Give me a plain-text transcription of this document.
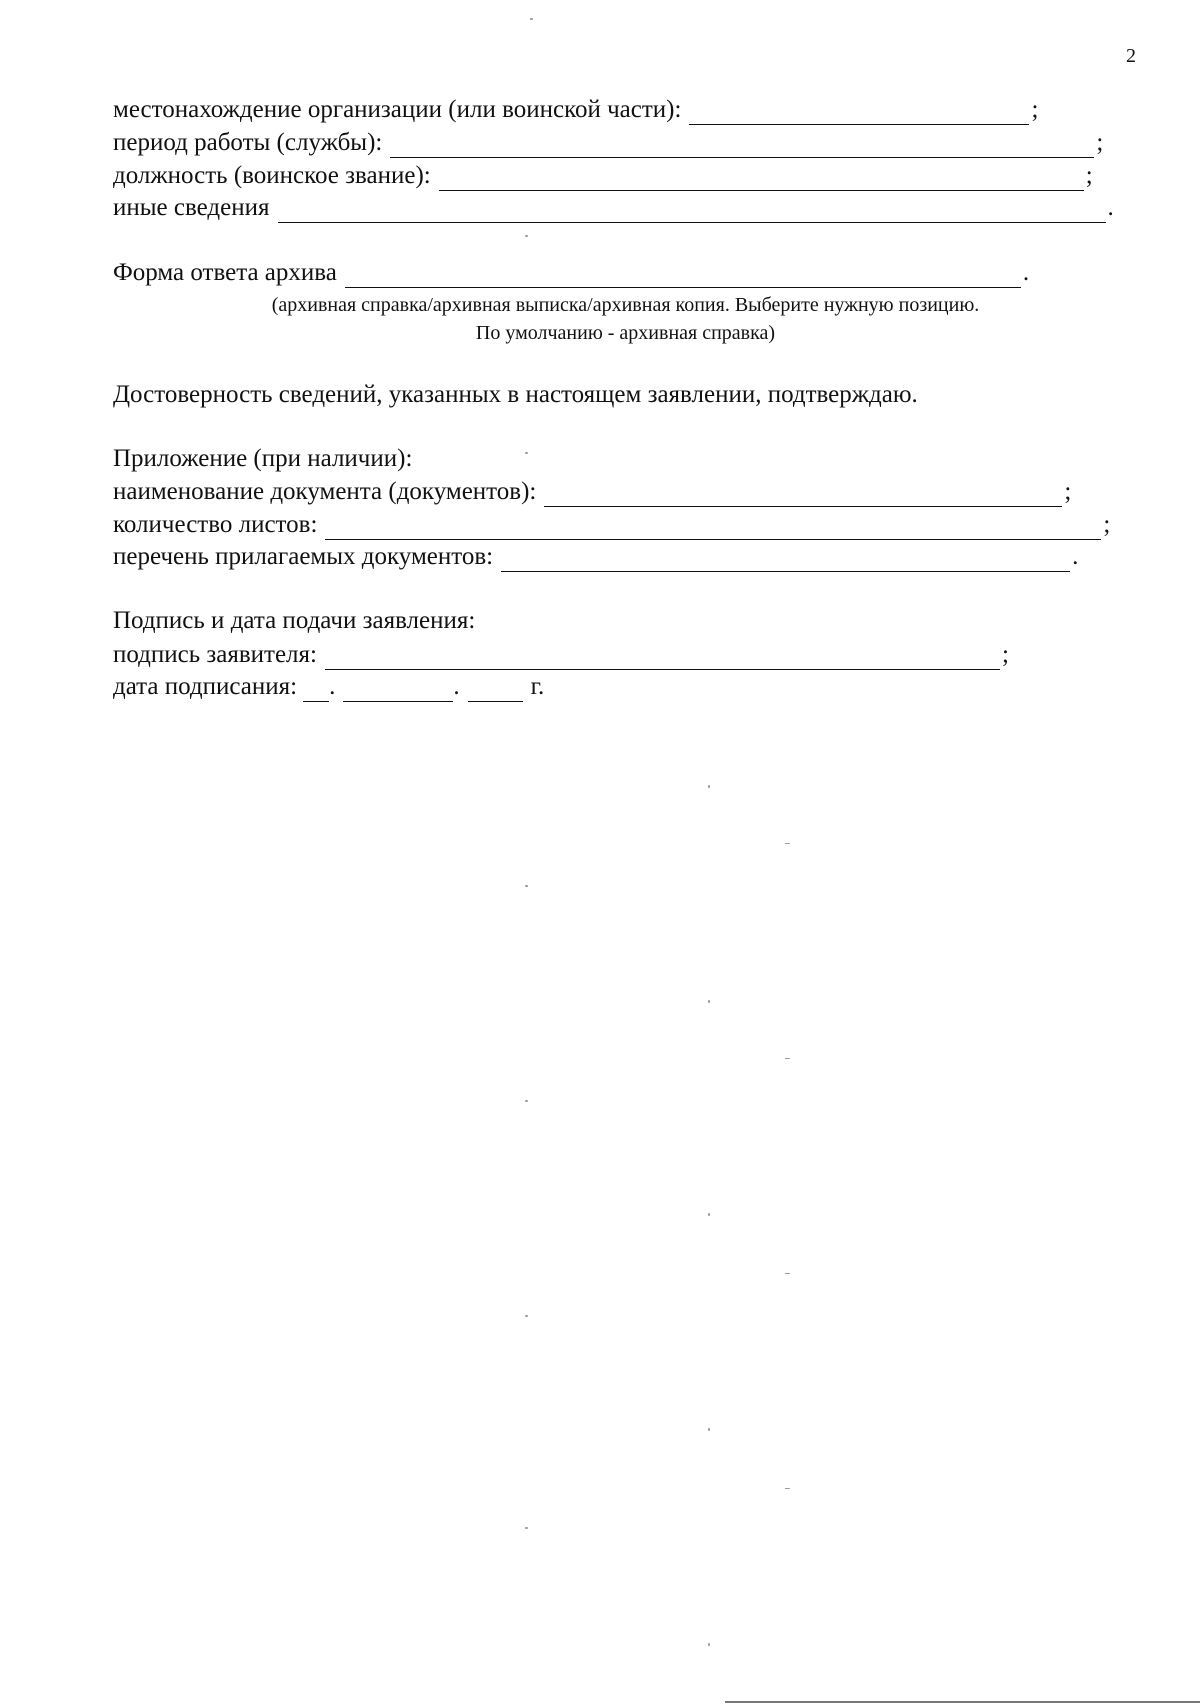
2
местонахождение организации (или воинской части):	;
период работы (службы):	;
должность (воинское звание):	;
иные сведения	.
Форма ответа архива	.
(архивная справка/архивная выписка/архивная копия. Выберите нужную позицию.
По умолчанию - архивная справка)
Достоверность сведений, указанных в настоящем заявлении, подтверждаю.
Приложение (при наличии):
наименование документа (документов):	;
количество листов:	;
перечень прилагаемых документов:	.
Подпись и дата подачи заявления:
подпись заявителя:	;
дата подписания: .	.	г.
